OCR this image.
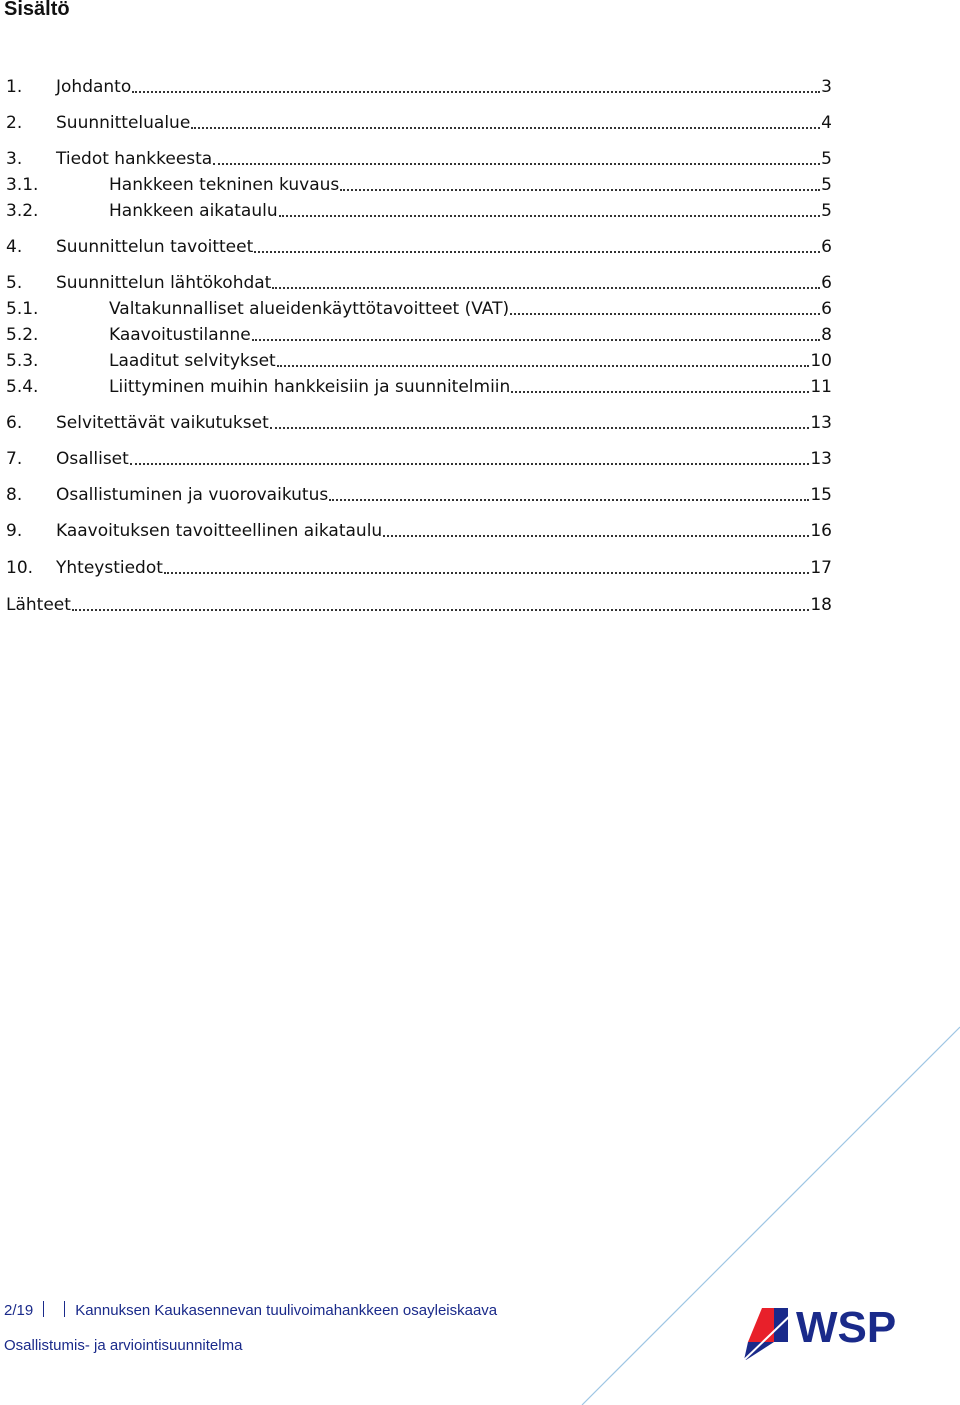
Sisältö
1.	Johdanto	3
2.	Suunnittelualue	4
3.	Tiedot hankkeesta	5
3.1.	Hankkeen tekninen kuvaus	5
3.2.	Hankkeen aikataulu	5
4.	Suunnittelun tavoitteet	6
5.	Suunnittelun lähtökohdat	6
5.1.	Valtakunnalliset alueidenkäyttötavoitteet (VAT)	6
5.2.	Kaavoitustilanne	8
5.3.	Laaditut selvitykset	10
5.4.	Liittyminen muihin hankkeisiin ja suunnitelmiin	11
6.	Selvitettävät vaikutukset	13
7.	Osalliset	13
8.	Osallistuminen ja vuorovaikutus	15
9.	Kaavoituksen tavoitteellinen aikataulu	16
10.	Yhteystiedot	17
Lähteet	18
2/19	Kannuksen Kaukasennevan tuulivoimahankkeen osayleiskaava
Osallistumis- ja arviointisuunnitelma	WSP
